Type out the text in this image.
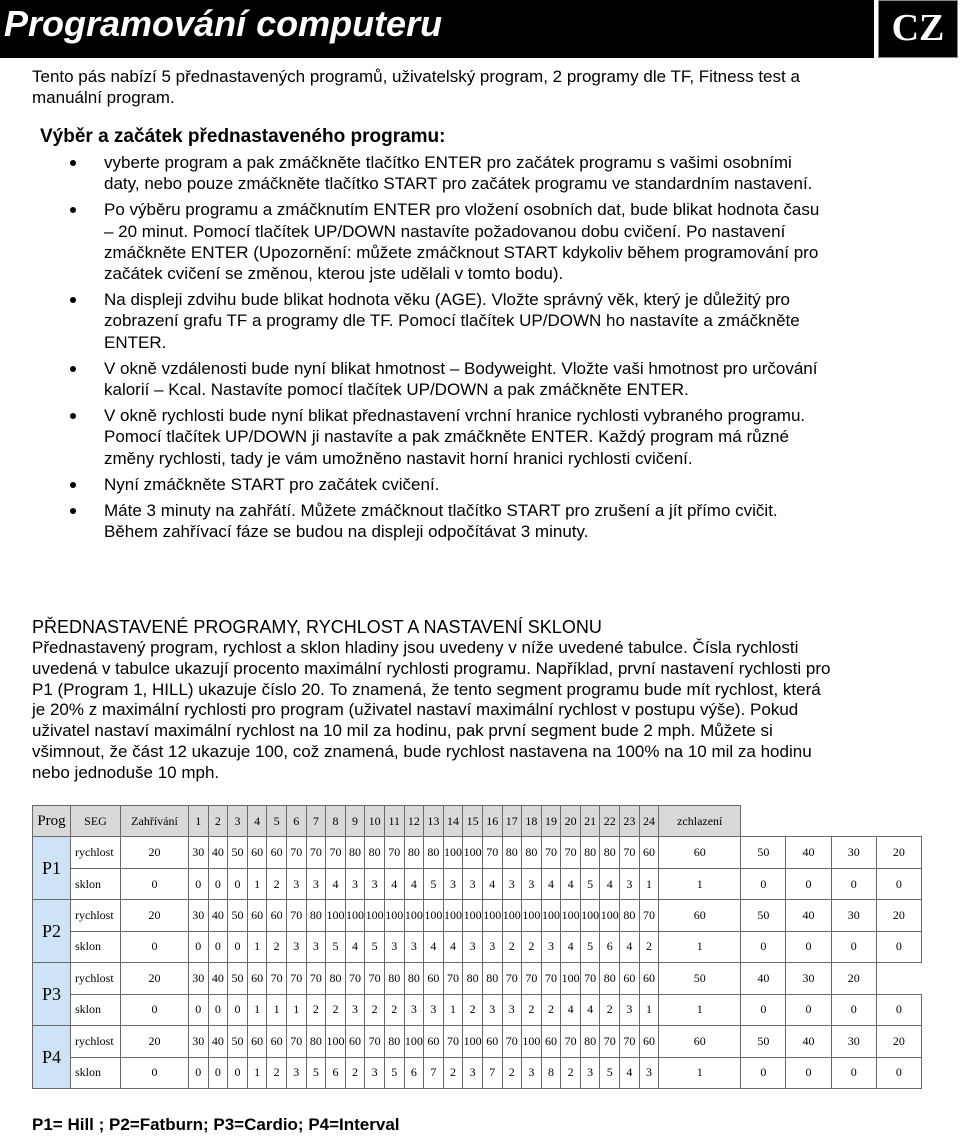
Programování computeru	CZ
Tento pás nabízí 5 přednastavených programů, uživatelský program, 2 programy dle TF, Fitness test a manuální program.
Výběr a začátek přednastaveného programu:
vyberte program a pak zmáčkněte tlačítko ENTER pro začátek programu s vašimi osobními daty, nebo pouze zmáčkněte tlačítko START pro začátek programu ve standardním nastavení.
Po výběru programu a zmáčknutím ENTER pro vložení osobních dat, bude blikat hodnota času – 20 minut. Pomocí tlačítek UP/DOWN nastavíte požadovanou dobu cvičení. Po nastavení zmáčkněte ENTER (Upozornění: můžete zmáčknout START kdykoliv během programování pro začátek cvičení se změnou, kterou jste udělali v tomto bodu).
Na displeji zdvihu bude blikat hodnota věku (AGE). Vložte správný věk, který je důležitý pro zobrazení grafu TF a programy dle TF. Pomocí tlačítek UP/DOWN ho nastavíte a zmáčkněte ENTER.
V okně vzdálenosti bude nyní blikat hmotnost – Bodyweight. Vložte vaši hmotnost pro určování kalorií – Kcal. Nastavíte pomocí tlačítek UP/DOWN a pak zmáčkněte ENTER.
V okně rychlosti bude nyní blikat přednastavení vrchní hranice rychlosti vybraného programu. Pomocí tlačítek UP/DOWN ji nastavíte a pak zmáčkněte ENTER. Každý program má různé změny rychlosti, tady je vám umožněno nastavit horní hranici rychlosti cvičení.
Nyní zmáčkněte START pro začátek cvičení.
Máte 3 minuty na zahřátí. Můžete zmáčknout tlačítko START pro zrušení a jít přímo cvičit. Během zahřívací fáze se budou na displeji odpočítávat 3 minuty.
PŘEDNASTAVENÉ PROGRAMY, RYCHLOST A NASTAVENÍ SKLONU
Přednastavený program, rychlost a sklon hladiny jsou uvedeny v níže uvedené tabulce. Čísla rychlosti uvedená v tabulce ukazují procento maximální rychlosti programu. Například, první nastavení rychlosti pro P1 (Program 1, HILL) ukazuje číslo 20. To znamená, že tento segment programu bude mít rychlost, která je 20% z maximální rychlosti pro program (uživatel nastaví maximální rychlost v postupu výše). Pokud uživatel nastaví maximální rychlost na 10 mil za hodinu, pak první segment bude 2 mph. Můžete si všimnout, že část 12 ukazuje 100, což znamená, bude rychlost nastavena na 100% na 10 mil za hodinu nebo jednoduše 10 mph.
Prog	SEG	Zahřívání	1	2	3	4	5	6	7	8	9	10	11	12	13	14	15	16	17	18	19	20	21	22	23	24	zchlazení				
P1	rychlost	20	30	40	50	60	60	70	70	70	80	80	70	80	80	100	100	70	80	80	70	70	80	80	70	60	60	50	40	30	20
	sklon	0	0	0	0	1	2	3	3	4	3	3	4	4	5	3	3	4	3	3	4	4	5	4	3	1	1	0	0	0	0
P2	rychlost	20	30	40	50	60	60	70	80	100	100	100	100	100	100	100	100	100	100	100	100	100	100	100	80	70	60	50	40	30	20
	sklon	0	0	0	0	1	2	3	3	5	4	5	3	3	4	4	3	3	2	2	3	4	5	6	4	2	1	0	0	0	0
P3	rychlost	20	30	40	50	60	70	70	70	80	70	70	80	80	60	70	80	80	70	70	70	100	70	80	60	60	50	40	30	20	
	sklon	0	0	0	0	1	1	1	2	2	3	2	2	3	3	1	2	3	3	2	2	4	4	2	3	1	1	0	0	0	0
P4	rychlost	20	30	40	50	60	60	70	80	100	60	70	80	100	60	70	100	60	70	100	60	70	80	70	70	60	60	50	40	30	20
	sklon	0	0	0	0	1	2	3	5	6	2	3	5	6	7	2	3	7	2	3	8	2	3	5	4	3	1	0	0	0	0
P1= Hill ; P2=Fatburn; P3=Cardio; P4=Interval
